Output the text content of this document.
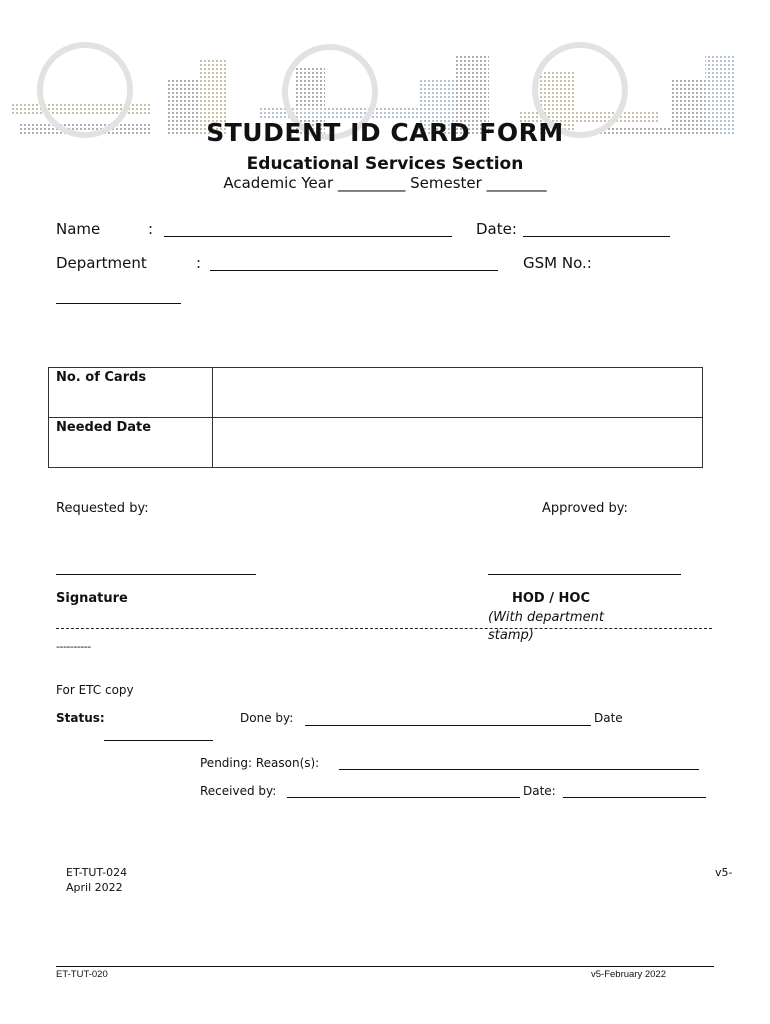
STUDENT ID CARD FORM
Educational Services Section
Academic Year _________ Semester ________
Name	:	Date:
Department	:	GSM No.:
No. of Cards	
Needed Date	
Requested by:	Approved by:
Signature	HOD / HOC
(With department stamp)
----------
For ETC copy
Status:	Done by:	Date
Pending: Reason(s):
Received by:	Date:
ET-TUT-024
April 2022
v5-
ET-TUT-020	v5-February 2022
